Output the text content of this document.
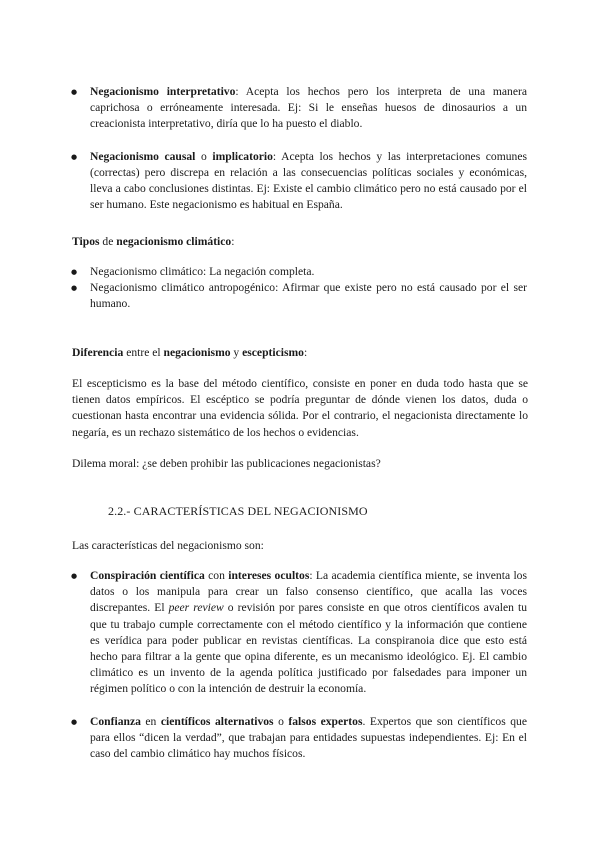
● Negacionismo interpretativo: Acepta los hechos pero los interpreta de una manera caprichosa o erróneamente interesada. Ej: Si le enseñas huesos de dinosaurios a un creacionista interpretativo, diría que lo ha puesto el diablo.
● Negacionismo causal o implicatorio: Acepta los hechos y las interpretaciones comunes (correctas) pero discrepa en relación a las consecuencias políticas sociales y económicas, lleva a cabo conclusiones distintas. Ej: Existe el cambio climático pero no está causado por el ser humano. Este negacionismo es habitual en España.

Tipos de negacionismo climático:

● Negacionismo climático: La negación completa.
● Negacionismo climático antropogénico: Afirmar que existe pero no está causado por el ser humano.

Diferencia entre el negacionismo y escepticismo:

El escepticismo es la base del método científico, consiste en poner en duda todo hasta que se tienen datos empíricos. El escéptico se podría preguntar de dónde vienen los datos, duda o cuestionan hasta encontrar una evidencia sólida. Por el contrario, el negacionista directamente lo negaría, es un rechazo sistemático de los hechos o evidencias.

Dilema moral: ¿se deben prohibir las publicaciones negacionistas?

2.2.- CARACTERÍSTICAS DEL NEGACIONISMO

Las características del negacionismo son:

● Conspiración científica con intereses ocultos: La academia científica miente, se inventa los datos o los manipula para crear un falso consenso científico, que acalla las voces discrepantes. El peer review o revisión por pares consiste en que otros científicos avalen tu que tu trabajo cumple correctamente con el método científico y la información que contiene es verídica para poder publicar en revistas científicas. La conspiranoia dice que esto está hecho para filtrar a la gente que opina diferente, es un mecanismo ideológico. Ej. El cambio climático es un invento de la agenda política justificado por falsedades para imponer un régimen político o con la intención de destruir la economía.
● Confianza en científicos alternativos o falsos expertos. Expertos que son científicos que para ellos “dicen la verdad”, que trabajan para entidades supuestas independientes. Ej: En el caso del cambio climático hay muchos físicos.
